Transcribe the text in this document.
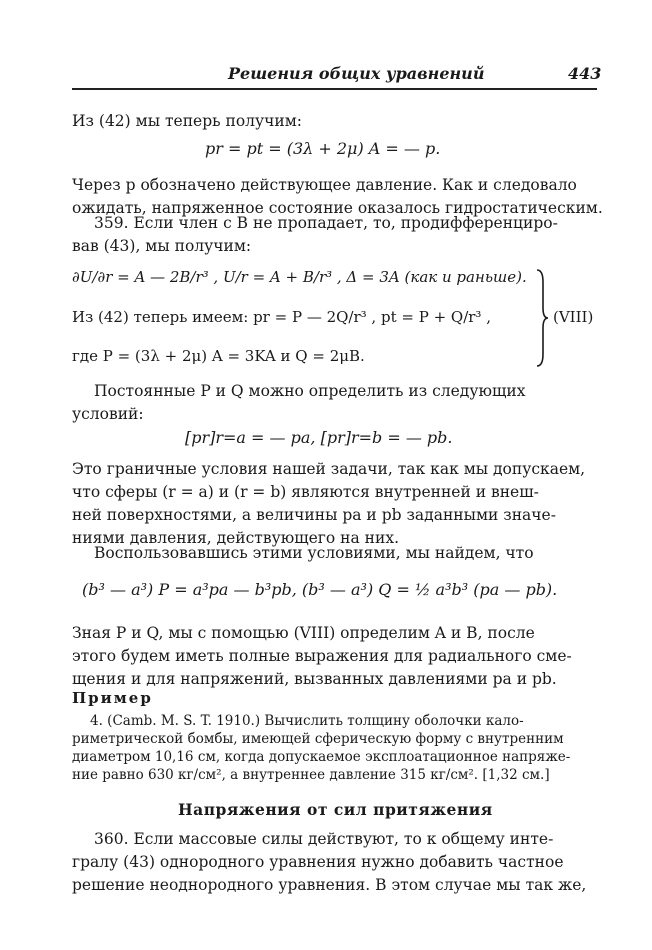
Решения общих уравнений	443
Из (42) мы теперь получим:
pr = pt = (3λ + 2μ) A = — p.
Через p обозначено действующее давление. Как и следовало
ожидать, напряженное состояние оказалось гидростатическим.
359. Если член с B не пропадает, то, продифференциро-
вав (43), мы получим:
∂U/∂r = A — 2B/r³ , U/r = A + B/r³ , Δ = 3A (как и раньше).
Из (42) теперь имеем: pr = P — 2Q/r³ , pt = P + Q/r³ ,
где P = (3λ + 2μ) A = 3KA и Q = 2μB.
(VIII)
Постоянные P и Q можно определить из следующих
условий:
[pr]r=a = — pa, [pr]r=b = — pb.
Это граничные условия нашей задачи, так как мы допускаем,
что сферы (r = a) и (r = b) являются внутренней и внеш-
ней поверхностями, а величины pa и pb заданными значе-
ниями давления, действующего на них.
Воспользовавшись этими условиями, мы найдем, что
(b³ — a³) P = a³pa — b³pb, (b³ — a³) Q = ½ a³b³ (pa — pb).
Зная P и Q, мы с помощью (VIII) определим A и B, после
этого будем иметь полные выражения для радиального сме-
щения и для напряжений, вызванных давлениями pa и pb.
Пример
4. (Camb. M. S. T. 1910.) Вычислить толщину оболочки кало-
риметрической бомбы, имеющей сферическую форму с внутренним
диаметром 10,16 см, когда допускаемое эксплоатационное напряже-
ние равно 630 кг/см², а внутреннее давление 315 кг/см². [1,32 см.]
Напряжения от сил притяжения
360. Если массовые силы действуют, то к общему инте-
гралу (43) однородного уравнения нужно добавить частное
решение неоднородного уравнения. В этом случае мы так же,
